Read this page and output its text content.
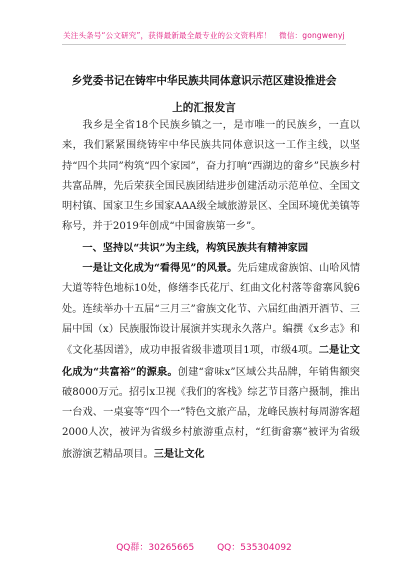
关注头条号“公文研究”，获得最新最全最专业的公文资料库！　微信：gongwenyj
乡党委书记在铸牢中华民族共同体意识示范区建设推进会
上的汇报发言

我乡是全省18个民族乡镇之一，是市唯一的民族乡，一直以来，我们紧紧围绕铸牢中华民族共同体意识这一工作主线，以坚持“四个共同”构筑“四个家园”，奋力打响“西湖边的畲乡”民族乡村共富品牌，先后荣获全国民族团结进步创建活动示范单位、全国文明村镇、国家卫生乡国家AAA级全域旅游景区、全国环境优美镇等称号，并于2019年创成“中国畲族第一乡”。

一、坚持以“共识”为主线，构筑民族共有精神家园

一是让文化成为“看得见”的风景。先后建成畲族馆、山哈风情大道等特色地标10处，修缮李氏花厅、红曲文化村落等畲寨风貌6处。连续举办十五届“三月三”畲族文化节、六届红曲酒开酒节、三届中国（x）民族服饰设计展演并实现永久落户。编撰《x乡志》和《文化基因谱》，成功申报省级非遗项目1项，市级4项。二是让文化成为“共富裕”的源泉。创建“畲味x”区域公共品牌，年销售额突破8000万元。招引x卫视《我们的客栈》综艺节目落户摄制，推出一台戏、一桌宴等“四个一”特色文旅产品，龙峰民族村每周游客超2000人次，被评为省级乡村旅游重点村，“红街畲寨”被评为省级旅游演艺精品项目。三是让文化

QQ群：30265665	QQ：535304092
